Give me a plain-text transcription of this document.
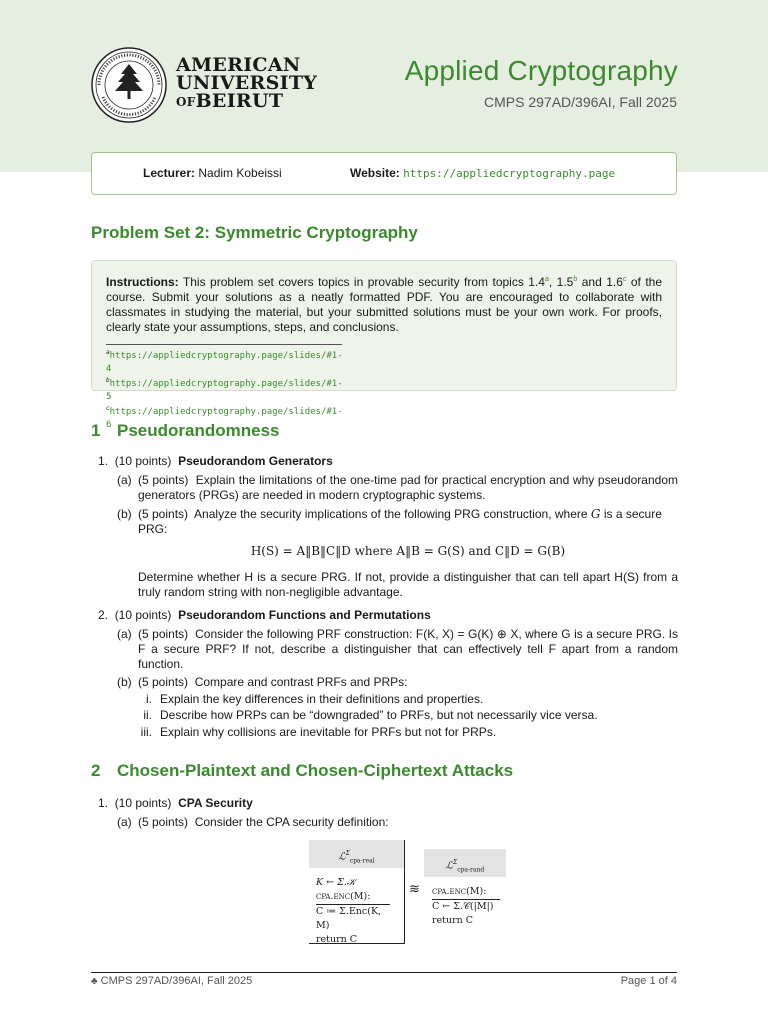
AMERICAN
UNIVERSITY
OFBEIRUT
Applied Cryptography
CMPS 297AD/396AI, Fall 2025
Lecturer: Nadim Kobeissi	Website: https://appliedcryptography.page
Problem Set 2: Symmetric Cryptography
Instructions: This problem set covers topics in provable security from topics 1.4$^a$, 1.5$^b$ and 1.6$^c$ of the course. Submit your solutions as a neatly formatted PDF. You are encouraged to collaborate with classmates in studying the material, but your submitted solutions must be your own work. For proofs, clearly state your assumptions, steps, and conclusions.
$^a$https://appliedcryptography.page/slides/#1-4
$^b$https://appliedcryptography.page/slides/#1-5
$^c$https://appliedcryptography.page/slides/#1-6
1 Pseudorandomness
1. (10 points) Pseudorandom Generators
(a) (5 points) Explain the limitations of the one-time pad for practical encryption and why pseudorandom generators (PRGs) are needed in modern cryptographic systems.
(b) (5 points) Analyze the security implications of the following PRG construction, where G is a secure PRG:
H(S) = A‖B‖C‖D where A‖B = G(S) and C‖D = G(B)
Determine whether H is a secure PRG. If not, provide a distinguisher that can tell apart H(S) from a truly random string with non-negligible advantage.
2. (10 points) Pseudorandom Functions and Permutations
(a) (5 points) Consider the following PRF construction: F(K, X) = G(K) ⊕ X, where G is a secure PRG. Is F a secure PRF? If not, describe a distinguisher that can effectively tell F apart from a random function.
(b) (5 points) Compare and contrast PRFs and PRPs:
i. Explain the key differences in their definitions and properties.
ii. Describe how PRPs can be “downgraded” to PRFs, but not necessarily vice versa.
iii. Explain why collisions are inevitable for PRFs but not for PRPs.
2 Chosen-Plaintext and Chosen-Ciphertext Attacks
1. (10 points) CPA Security
(a) (5 points) Consider the CPA security definition:
ℒ$^\Sigma_{cpa-real}$
K ← Σ.𝒦
cpa.enc(M):
C ≔ Σ.Enc(K, M)
return C
≋
ℒ$^\Sigma_{cpa-rand}$
cpa.enc(M):
C ← Σ.𝒞(|M|)
return C
♣ CMPS 297AD/396AI, Fall 2025	Page 1 of 4
